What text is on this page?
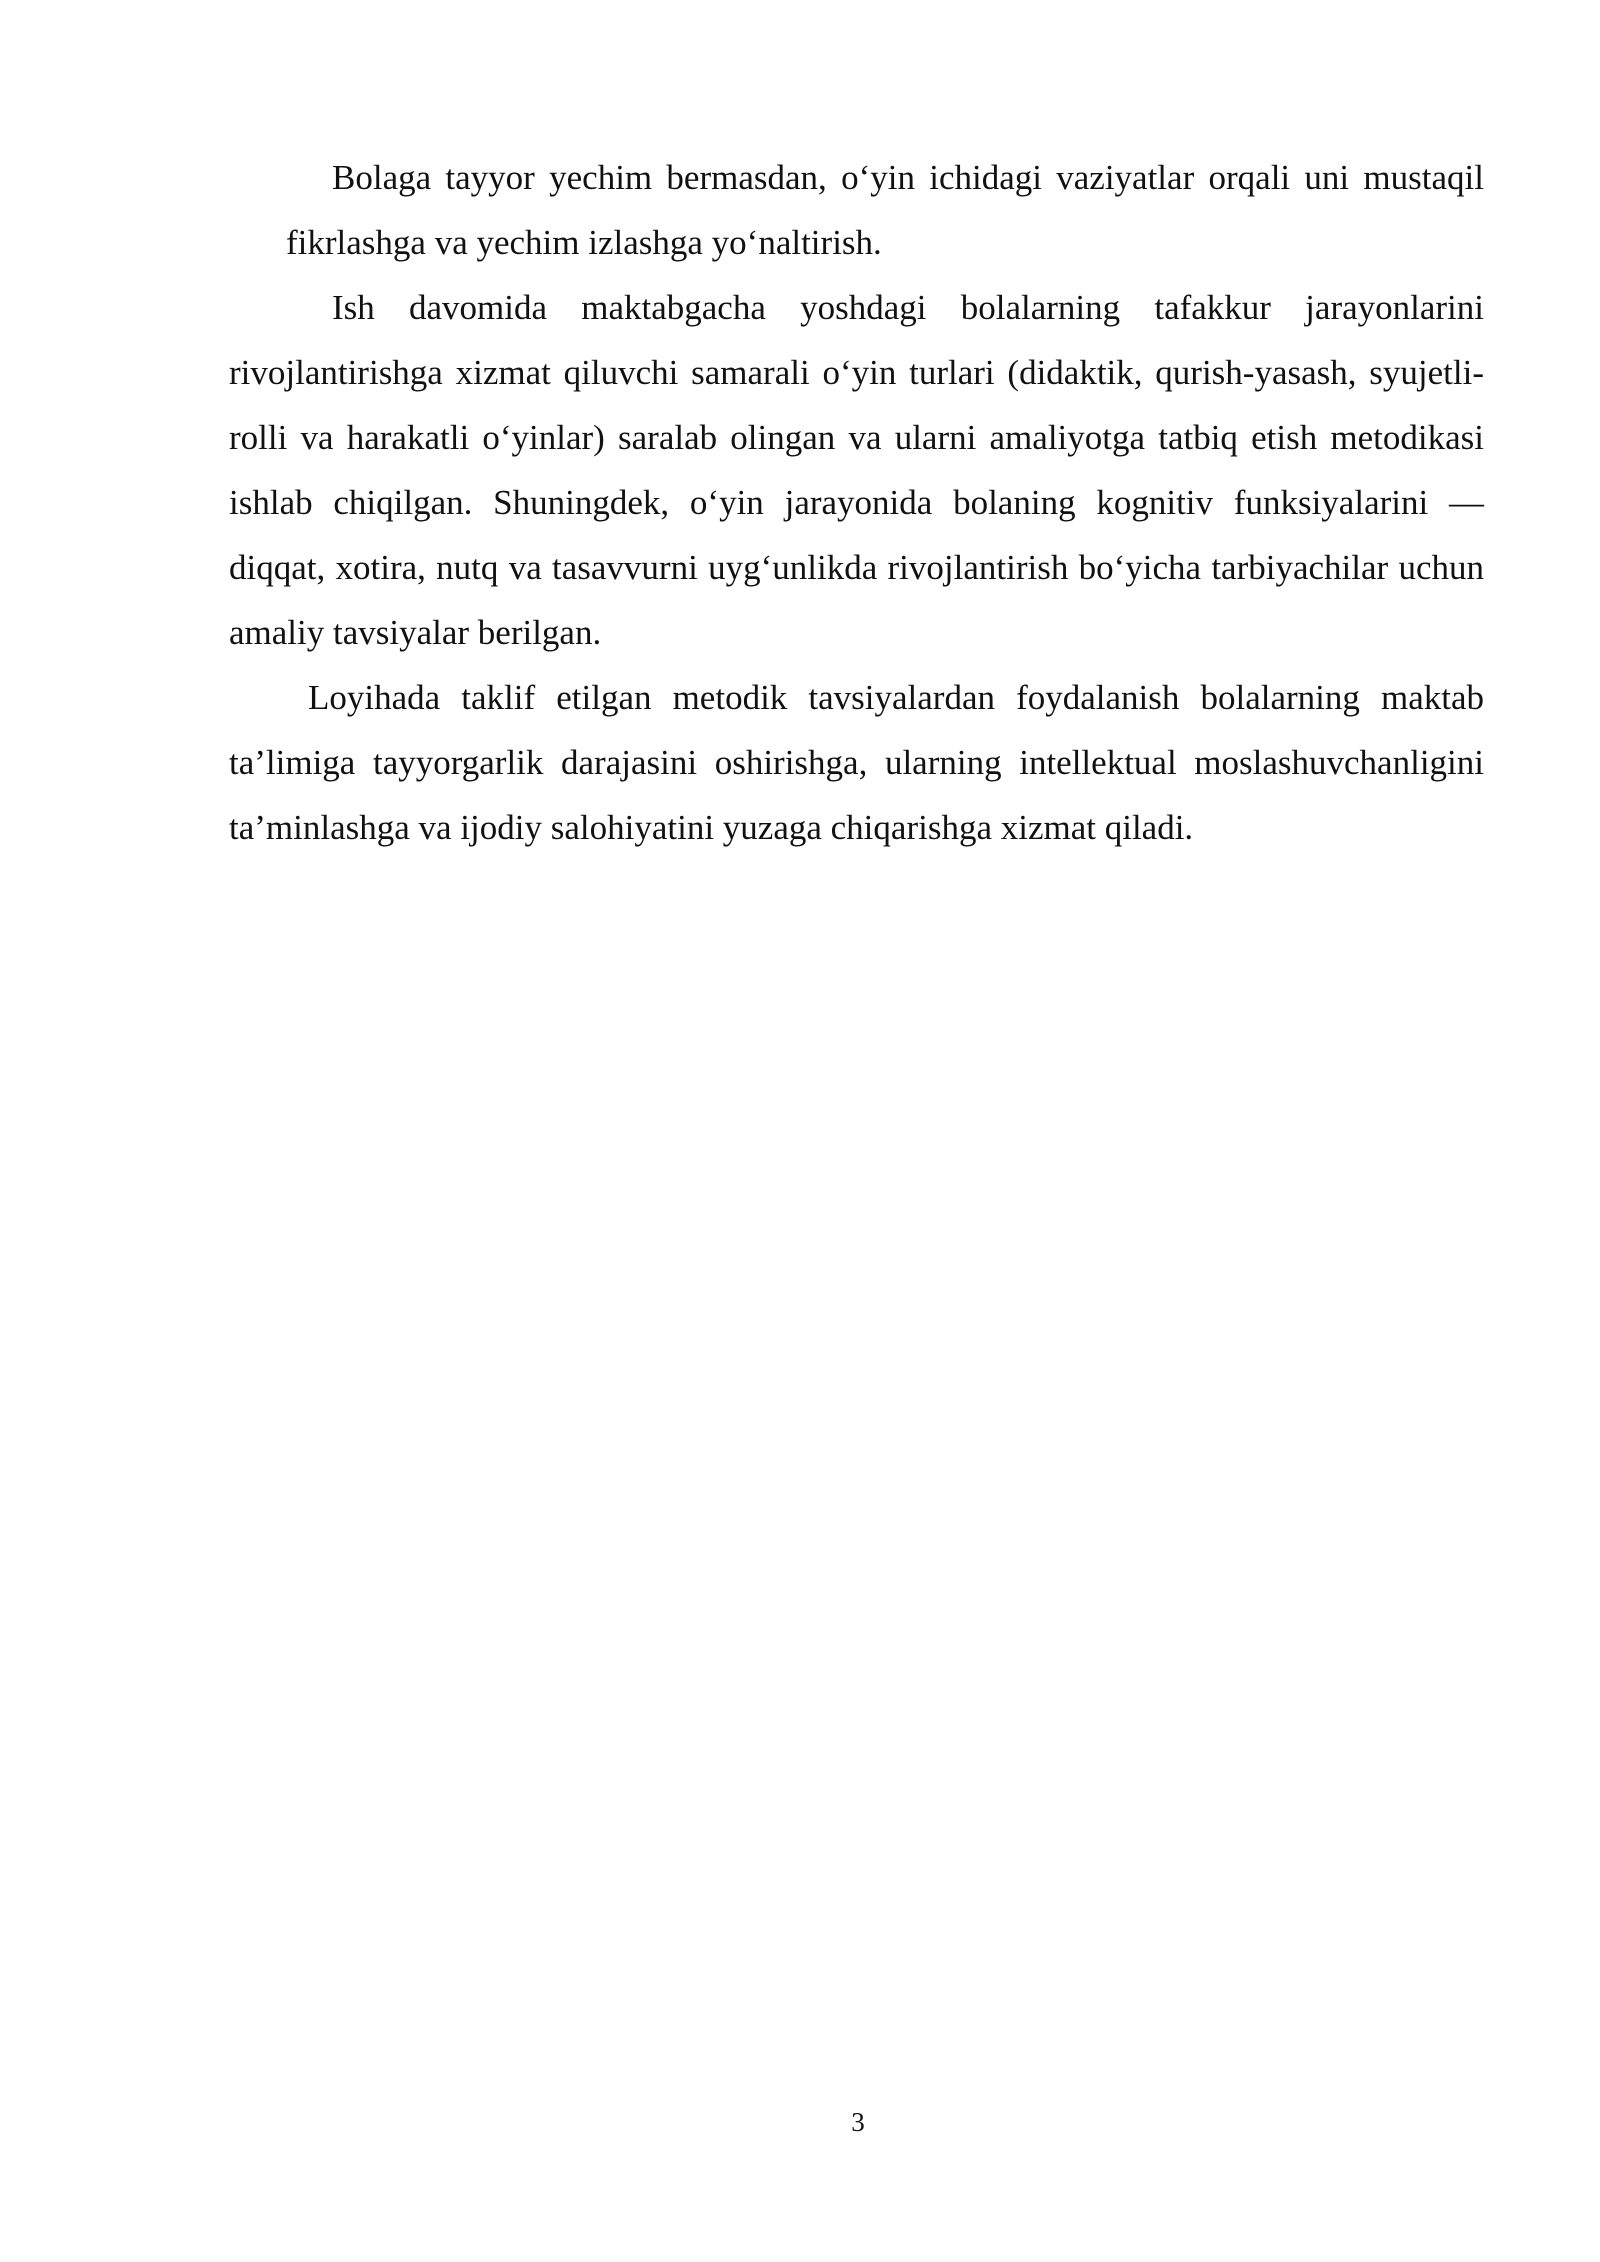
Bolaga tayyor yechim bermasdan, o‘yin ichidagi vaziyatlar orqali uni mustaqil fikrlashga va yechim izlashga yo‘naltirish.

Ish davomida maktabgacha yoshdagi bolalarning tafakkur jarayonlarini rivojlantirishga xizmat qiluvchi samarali o‘yin turlari (didaktik, qurish-yasash, syujetli-rolli va harakatli o‘yinlar) saralab olingan va ularni amaliyotga tatbiq etish metodikasi ishlab chiqilgan. Shuningdek, o‘yin jarayonida bolaning kognitiv funksiyalarini — diqqat, xotira, nutq va tasavvurni uyg‘unlikda rivojlantirish bo‘yicha tarbiyachilar uchun amaliy tavsiyalar berilgan.

Loyihada taklif etilgan metodik tavsiyalardan foydalanish bolalarning maktab ta’limiga tayyorgarlik darajasini oshirishga, ularning intellektual moslashuvchanligini ta’minlashga va ijodiy salohiyatini yuzaga chiqarishga xizmat qiladi.

3
